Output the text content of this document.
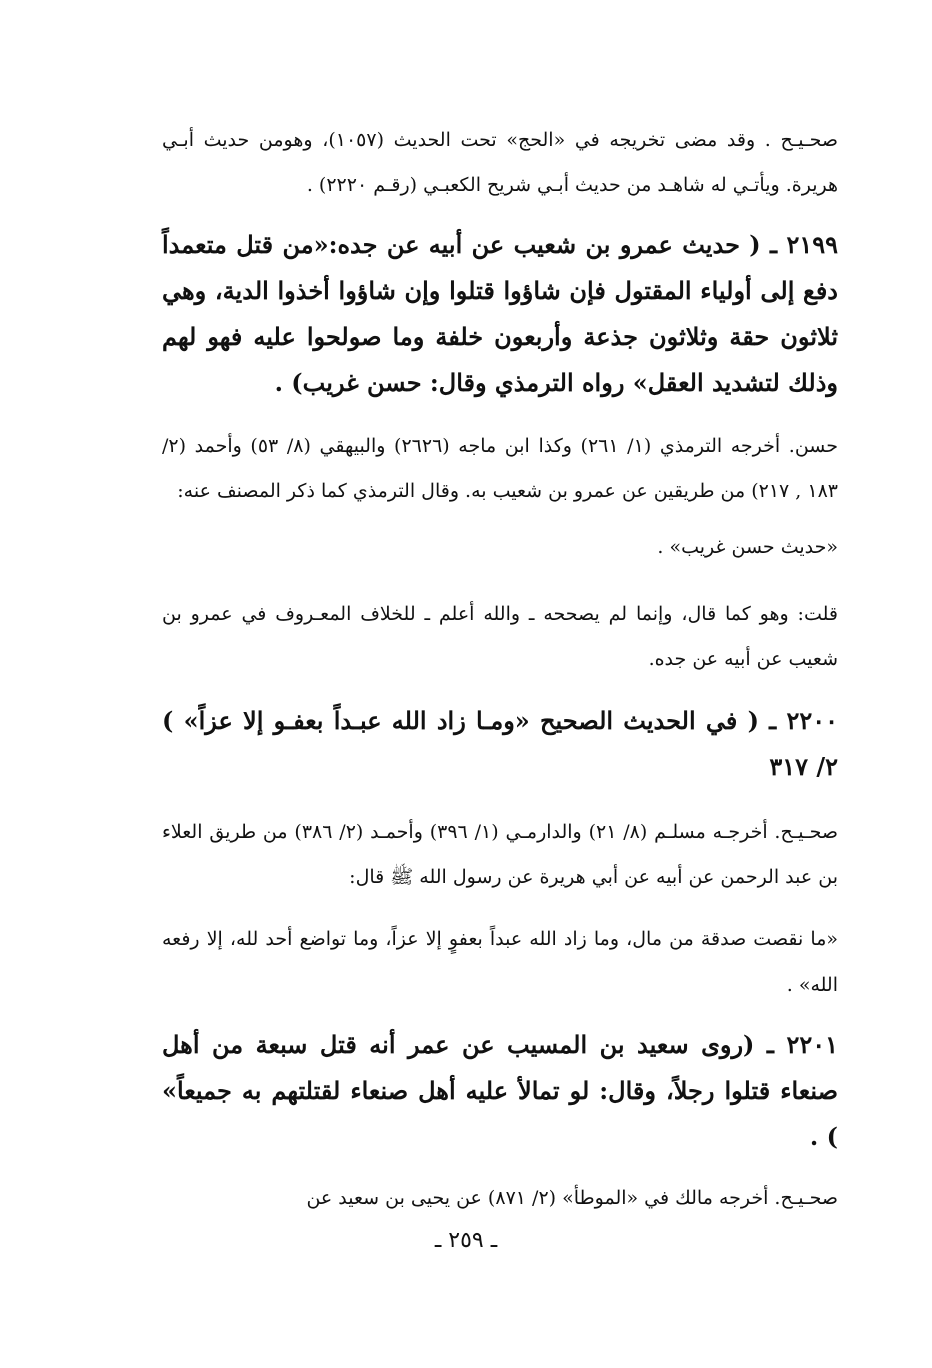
صحـيـح . وقد مضى تخريجه في «الحج» تحت الحديث (١٠٥٧)، وهومن حديث أبـي هريرة. ويأتـي له شاهـد من حديث أبـي شريح الكعبـي (رقـم ٢٢٢٠) .

٢١٩٩ ـ ( حديث عمرو بن شعيب عن أبيه عن جده:«من قتل متعمداً دفع إلى أولياء المقتول فإن شاؤوا قتلوا وإن شاؤوا أخذوا الدية، وهي ثلاثون حقة وثلاثون جذعة وأربعون خلفة وما صولحوا عليه فهو لهم وذلك لتشديد العقل» رواه الترمذي وقال: حسن غريب) .

حسن. أخرجه الترمذي (١/ ٢٦١) وكذا ابن ماجه (٢٦٢٦) والبيهقي (٨/ ٥٣) وأحمد (٢/ ١٨٣ , ٢١٧) من طريقين عن عمرو بن شعيب به. وقال الترمذي كما ذكر المصنف عنه:

«حديث حسن غريب» .

قلت: وهو كما قال، وإنما لم يصححه ـ والله أعلم ـ للخلاف المعـروف في عمرو بن شعيب عن أبيه عن جده.

٢٢٠٠ ـ ( في الحديث الصحيح «ومـا زاد الله عبـداً بعفـو إلا عزاً» ) ٢/ ٣١٧

صحـيـح. أخرجـه مسلـم (٨/ ٢١) والدارمـي (١/ ٣٩٦) وأحمـد (٢/ ٣٨٦) من طريق العلاء بن عبد الرحمن عن أبيه عن أبي هريرة عن رسول الله ﷺ قال:

«ما نقصت صدقة من مال، وما زاد الله عبداً بعفوٍ إلا عزاً، وما تواضع أحد لله، إلا رفعه الله» .

٢٢٠١ ـ (روى سعيد بن المسيب عن عمر أنه قتل سبعة من أهل صنعاء قتلوا رجلاً، وقال: لو تمالأ عليه أهل صنعاء لقتلتهم به جميعاً» ) .

صحـيـح. أخرجه مالك في «الموطأ» (٢/ ٨٧١) عن يحيى بن سعيد عن

ـ ٢٥٩ ـ
